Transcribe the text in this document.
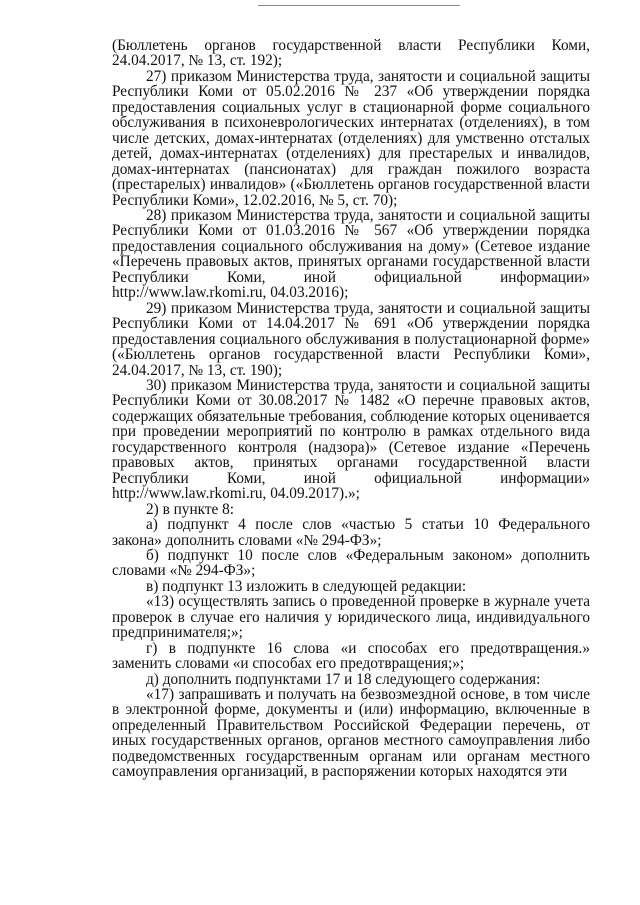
(Бюллетень органов государственной власти Республики Коми, 24.04.2017, № 13, ст. 192);

27) приказом Министерства труда, занятости и социальной защиты Республики Коми от 05.02.2016 № 237 «Об утверждении порядка предоставления социальных услуг в стационарной форме социального обслуживания в психоневрологических интернатах (отделениях), в том числе детских, домах-интернатах (отделениях) для умственно отсталых детей, домах-интернатах (отделениях) для престарелых и инвалидов, домах-интернатах (пансионатах) для граждан пожилого возраста (престарелых) инвалидов» («Бюллетень органов государственной власти Республики Коми», 12.02.2016, № 5, ст. 70);

28) приказом Министерства труда, занятости и социальной защиты Республики Коми от 01.03.2016 № 567 «Об утверждении порядка предоставления социального обслуживания на дому» (Сетевое издание «Перечень правовых актов, принятых органами государственной власти Республики Коми, иной официальной информации» http://www.law.rkomi.ru, 04.03.2016);

29) приказом Министерства труда, занятости и социальной защиты Республики Коми от 14.04.2017 № 691 «Об утверждении порядка предоставления социального обслуживания в полустационарной форме» («Бюллетень органов государственной власти Республики Коми», 24.04.2017, № 13, ст. 190);

30) приказом Министерства труда, занятости и социальной защиты Республики Коми от 30.08.2017 № 1482 «О перечне правовых актов, содержащих обязательные требования, соблюдение которых оценивается при проведении мероприятий по контролю в рамках отдельного вида государственного контроля (надзора)» (Сетевое издание «Перечень правовых актов, принятых органами государственной власти Республики Коми, иной официальной информации» http://www.law.rkomi.ru, 04.09.2017).»;

2) в пункте 8:

а) подпункт 4 после слов «частью 5 статьи 10 Федерального закона» дополнить словами «№ 294-ФЗ»;

б) подпункт 10 после слов «Федеральным законом» дополнить словами «№ 294-ФЗ»;

в) подпункт 13 изложить в следующей редакции:

«13) осуществлять запись о проведенной проверке в журнале учета проверок в случае его наличия у юридического лица, индивидуального предпринимателя;»;

г) в подпункте 16 слова «и способах его предотвращения.» заменить словами «и способах его предотвращения;»;

д) дополнить подпунктами 17 и 18 следующего содержания:

«17) запрашивать и получать на безвозмездной основе, в том числе в электронной форме, документы и (или) информацию, включенные в определенный Правительством Российской Федерации перечень, от иных государственных органов, органов местного самоуправления либо подведомственных государственным органам или органам местного самоуправления организаций, в распоряжении которых находятся эти
